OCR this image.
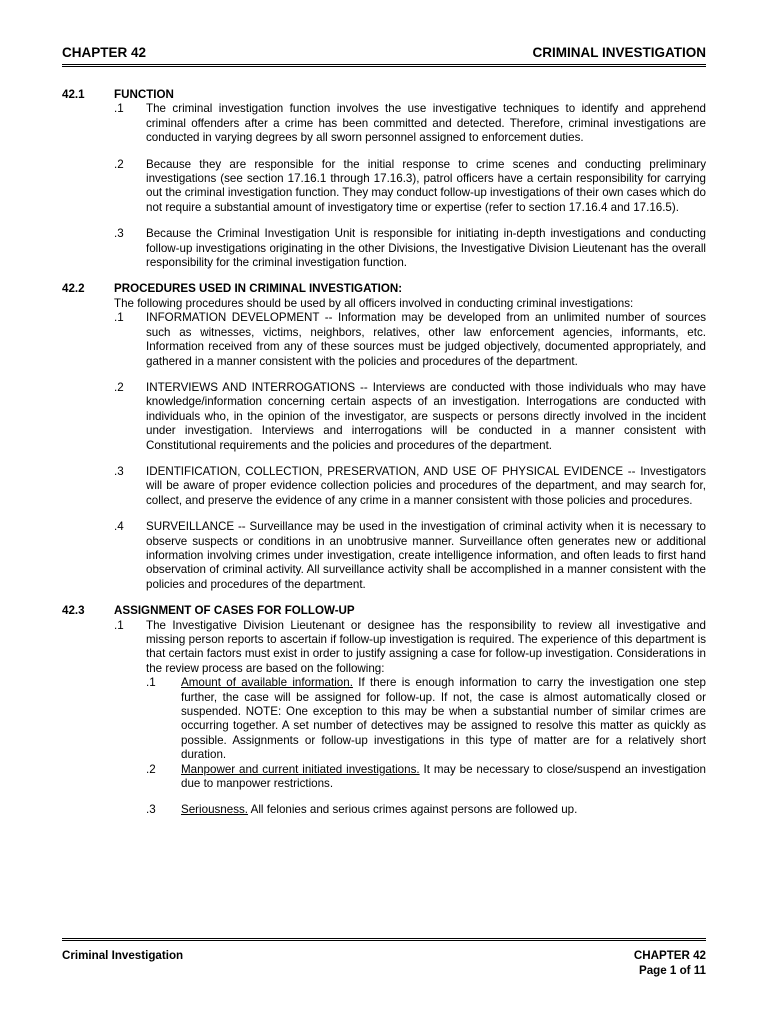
CHAPTER 42	CRIMINAL INVESTIGATION
42.1	FUNCTION
.1	The criminal investigation function involves the use investigative techniques to identify and apprehend criminal offenders after a crime has been committed and detected. Therefore, criminal investigations are conducted in varying degrees by all sworn personnel assigned to enforcement duties.
.2	Because they are responsible for the initial response to crime scenes and conducting preliminary investigations (see section 17.16.1 through 17.16.3), patrol officers have a certain responsibility for carrying out the criminal investigation function. They may conduct follow-up investigations of their own cases which do not require a substantial amount of investigatory time or expertise (refer to section 17.16.4 and 17.16.5).
.3	Because the Criminal Investigation Unit is responsible for initiating in-depth investigations and conducting follow-up investigations originating in the other Divisions, the Investigative Division Lieutenant has the overall responsibility for the criminal investigation function.
42.2	PROCEDURES USED IN CRIMINAL INVESTIGATION:
The following procedures should be used by all officers involved in conducting criminal investigations:
.1	INFORMATION DEVELOPMENT -- Information may be developed from an unlimited number of sources such as witnesses, victims, neighbors, relatives, other law enforcement agencies, informants, etc. Information received from any of these sources must be judged objectively, documented appropriately, and gathered in a manner consistent with the policies and procedures of the department.
.2	INTERVIEWS AND INTERROGATIONS -- Interviews are conducted with those individuals who may have knowledge/information concerning certain aspects of an investigation. Interrogations are conducted with individuals who, in the opinion of the investigator, are suspects or persons directly involved in the incident under investigation. Interviews and interrogations will be conducted in a manner consistent with Constitutional requirements and the policies and procedures of the department.
.3	IDENTIFICATION, COLLECTION, PRESERVATION, AND USE OF PHYSICAL EVIDENCE -- Investigators will be aware of proper evidence collection policies and procedures of the department, and may search for, collect, and preserve the evidence of any crime in a manner consistent with those policies and procedures.
.4	SURVEILLANCE -- Surveillance may be used in the investigation of criminal activity when it is necessary to observe suspects or conditions in an unobtrusive manner. Surveillance often generates new or additional information involving crimes under investigation, create intelligence information, and often leads to first hand observation of criminal activity. All surveillance activity shall be accomplished in a manner consistent with the policies and procedures of the department.
42.3	ASSIGNMENT OF CASES FOR FOLLOW-UP
.1	The Investigative Division Lieutenant or designee has the responsibility to review all investigative and missing person reports to ascertain if follow-up investigation is required. The experience of this department is that certain factors must exist in order to justify assigning a case for follow-up investigation. Considerations in the review process are based on the following:
.1	Amount of available information. If there is enough information to carry the investigation one step further, the case will be assigned for follow-up. If not, the case is almost automatically closed or suspended. NOTE: One exception to this may be when a substantial number of similar crimes are occurring together. A set number of detectives may be assigned to resolve this matter as quickly as possible. Assignments or follow-up investigations in this type of matter are for a relatively short duration.
.2	Manpower and current initiated investigations. It may be necessary to close/suspend an investigation due to manpower restrictions.
.3	Seriousness. All felonies and serious crimes against persons are followed up.
Criminal Investigation	CHAPTER 42
Page 1 of 11
